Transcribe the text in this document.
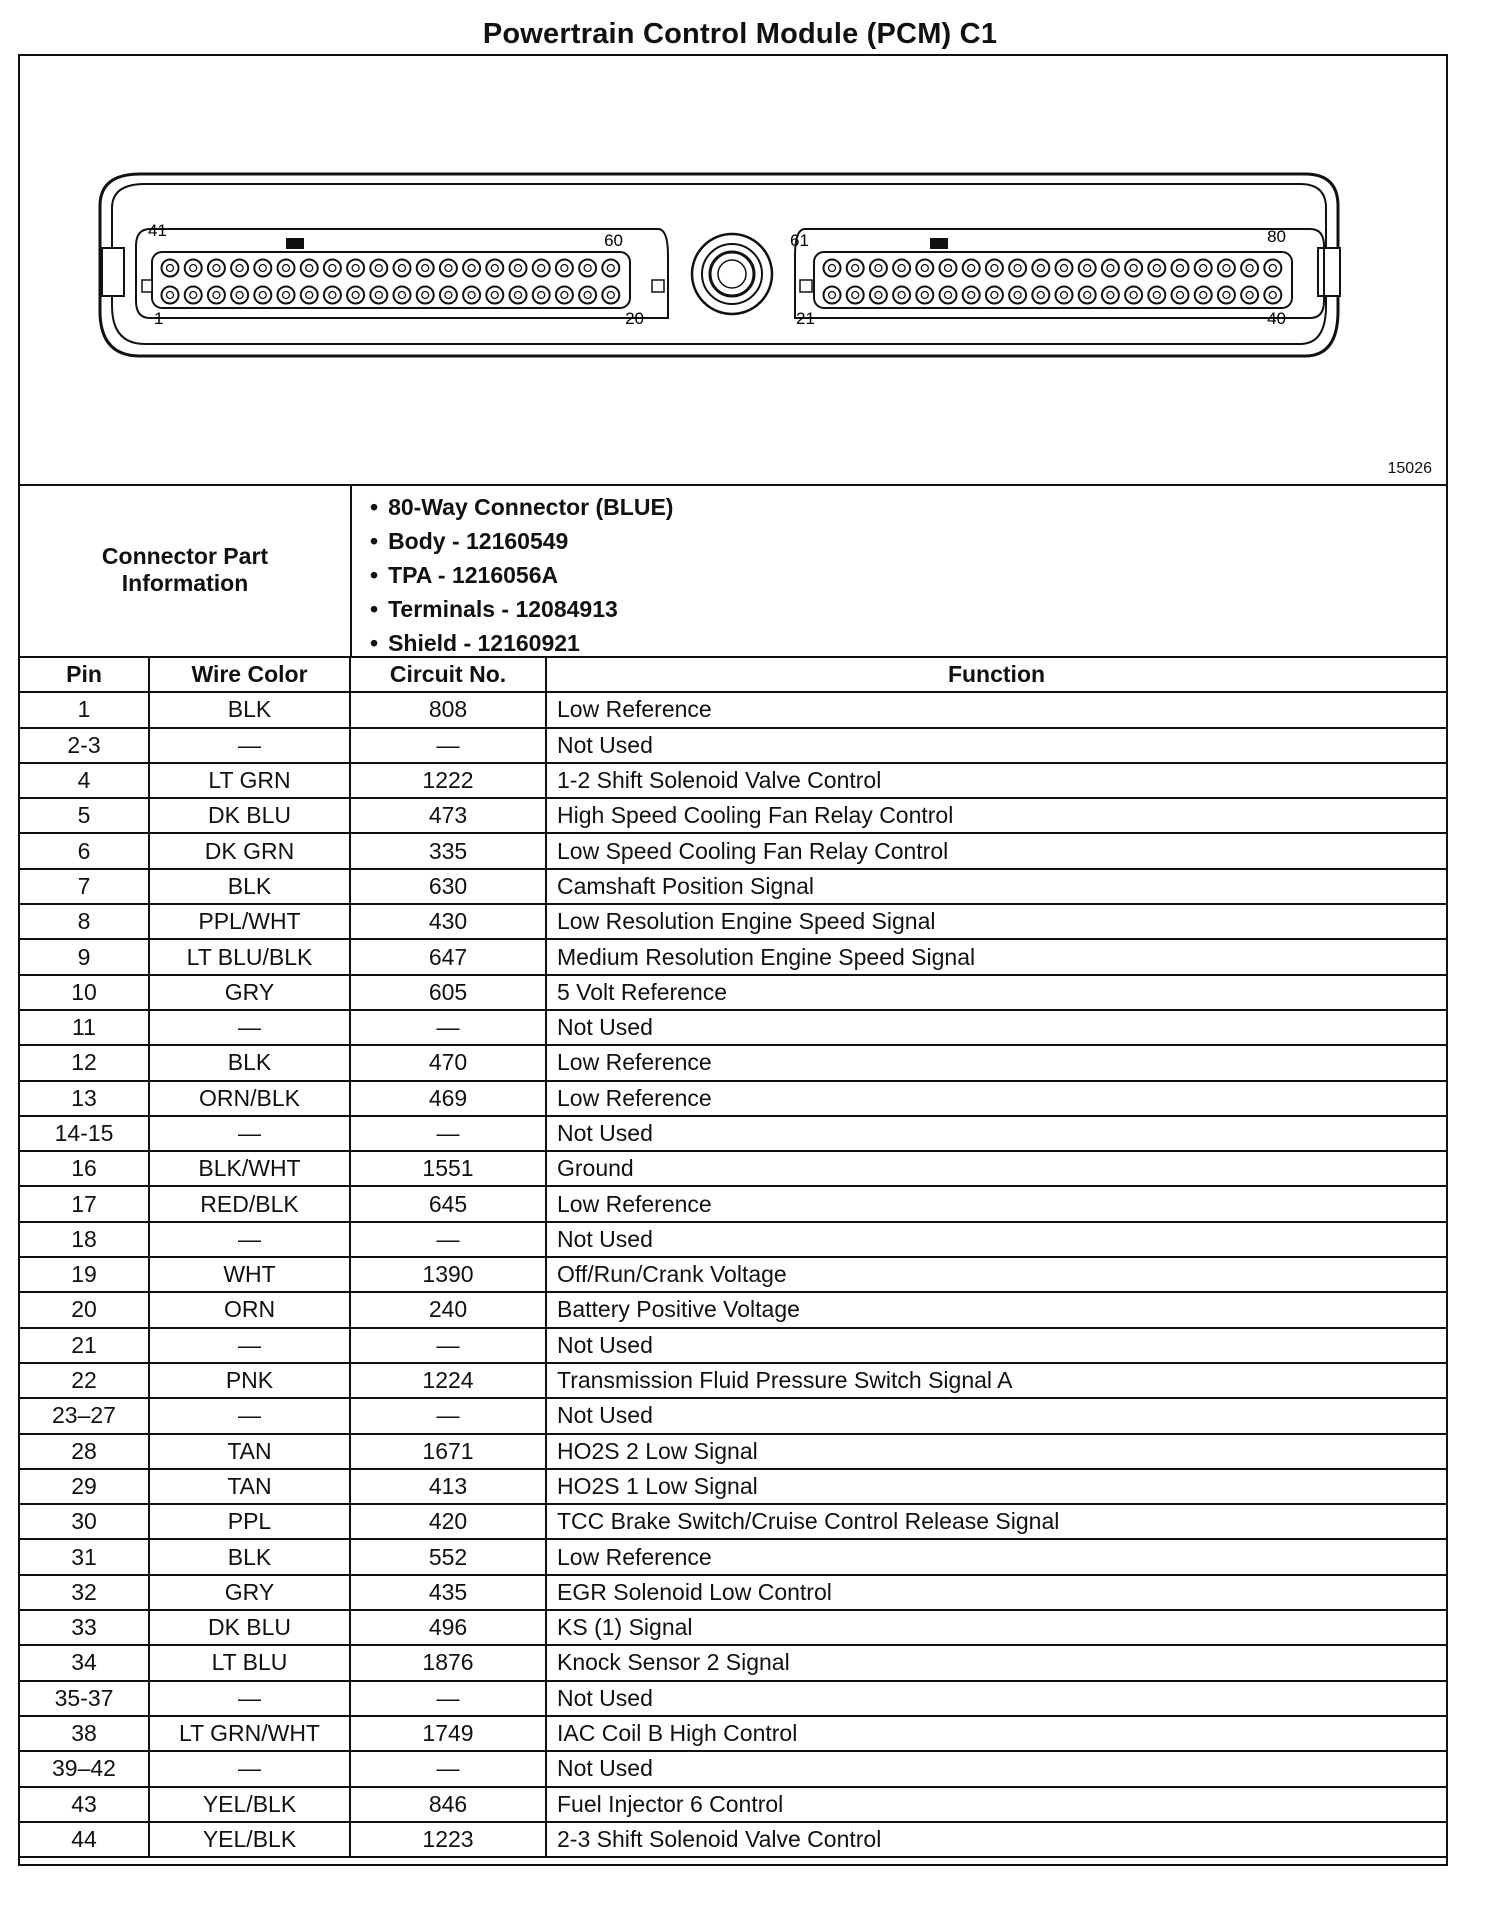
Powertrain Control Module (PCM) C1
41
60
1	20
61	80
21	40
15026
Connector Part Information
• 80-Way Connector (BLUE)
• Body - 12160549
• TPA - 1216056A
• Terminals - 12084913
• Shield - 12160921
Pin	Wire Color	Circuit No.	Function
1	BLK	808	Low Reference
2-3	—	—	Not Used
4	LT GRN	1222	1-2 Shift Solenoid Valve Control
5	DK BLU	473	High Speed Cooling Fan Relay Control
6	DK GRN	335	Low Speed Cooling Fan Relay Control
7	BLK	630	Camshaft Position Signal
8	PPL/WHT	430	Low Resolution Engine Speed Signal
9	LT BLU/BLK	647	Medium Resolution Engine Speed Signal
10	GRY	605	5 Volt Reference
11	—	—	Not Used
12	BLK	470	Low Reference
13	ORN/BLK	469	Low Reference
14-15	—	—	Not Used
16	BLK/WHT	1551	Ground
17	RED/BLK	645	Low Reference
18	—	—	Not Used
19	WHT	1390	Off/Run/Crank Voltage
20	ORN	240	Battery Positive Voltage
21	—	—	Not Used
22	PNK	1224	Transmission Fluid Pressure Switch Signal A
23–27	—	—	Not Used
28	TAN	1671	HO2S 2 Low Signal
29	TAN	413	HO2S 1 Low Signal
30	PPL	420	TCC Brake Switch/Cruise Control Release Signal
31	BLK	552	Low Reference
32	GRY	435	EGR Solenoid Low Control
33	DK BLU	496	KS (1) Signal
34	LT BLU	1876	Knock Sensor 2 Signal
35-37	—	—	Not Used
38	LT GRN/WHT	1749	IAC Coil B High Control
39–42	—	—	Not Used
43	YEL/BLK	846	Fuel Injector 6 Control
44	YEL/BLK	1223	2-3 Shift Solenoid Valve Control
